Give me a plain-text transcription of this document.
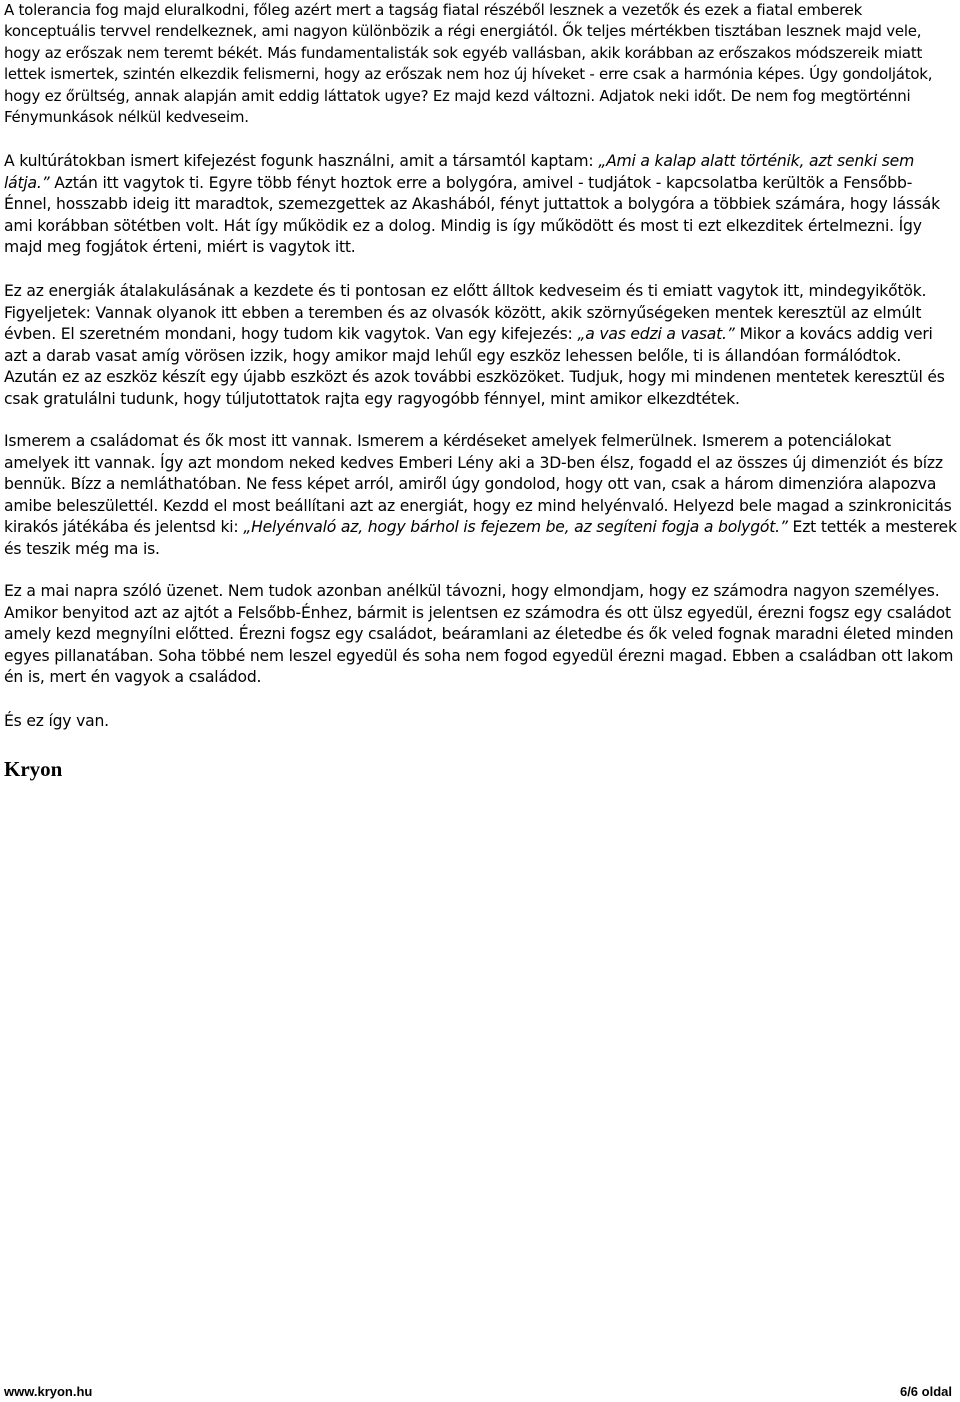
A tolerancia fog majd eluralkodni, főleg azért mert a tagság fiatal részéből lesznek a vezetők és ezek a fiatal emberek konceptuális tervvel rendelkeznek, ami nagyon különbözik a régi energiától. Ők teljes mértékben tisztában lesznek majd vele, hogy az erőszak nem teremt békét. Más fundamentalisták sok egyéb vallásban, akik korábban az erőszakos módszereik miatt lettek ismertek, szintén elkezdik felismerni, hogy az erőszak nem hoz új híveket - erre csak a harmónia képes. Úgy gondoljátok, hogy ez őrültség, annak alapján amit eddig láttatok ugye? Ez majd kezd változni. Adjatok neki időt. De nem fog megtörténni Fénymunkások nélkül kedveseim.

A kultúrátokban ismert kifejezést fogunk használni, amit a társamtól kaptam: „Ami a kalap alatt történik, azt senki sem látja.” Aztán itt vagytok ti. Egyre több fényt hoztok erre a bolygóra, amivel - tudjátok - kapcsolatba kerültök a Fensőbb-Énnel, hosszabb ideig itt maradtok, szemezgettek az Akashából, fényt juttattok a bolygóra a többiek számára, hogy lássák ami korábban sötétben volt. Hát így működik ez a dolog. Mindig is így működött és most ti ezt elkezditek értelmezni. Így majd meg fogjátok érteni, miért is vagytok itt.

Ez az energiák átalakulásának a kezdete és ti pontosan ez előtt álltok kedveseim és ti emiatt vagytok itt, mindegyikőtök. Figyeljetek: Vannak olyanok itt ebben a teremben és az olvasók között, akik szörnyűségeken mentek keresztül az elmúlt évben. El szeretném mondani, hogy tudom kik vagytok. Van egy kifejezés: „a vas edzi a vasat.” Mikor a kovács addig veri azt a darab vasat amíg vörösen izzik, hogy amikor majd lehűl egy eszköz lehessen belőle, ti is állandóan formálódtok. Azután ez az eszköz készít egy újabb eszközt és azok további eszközöket. Tudjuk, hogy mi mindenen mentetek keresztül és csak gratulálni tudunk, hogy túljutottatok rajta egy ragyogóbb fénnyel, mint amikor elkezdtétek.

Ismerem a családomat és ők most itt vannak. Ismerem a kérdéseket amelyek felmerülnek. Ismerem a potenciálokat amelyek itt vannak. Így azt mondom neked kedves Emberi Lény aki a 3D-ben élsz, fogadd el az összes új dimenziót és bízz bennük. Bízz a nemláthatóban. Ne fess képet arról, amiről úgy gondolod, hogy ott van, csak a három dimenzióra alapozva amibe beleszülettél. Kezdd el most beállítani azt az energiát, hogy ez mind helyénvaló. Helyezd bele magad a szinkronicitás kirakós játékába és jelentsd ki: „Helyénvaló az, hogy bárhol is fejezem be, az segíteni fogja a bolygót.” Ezt tették a mesterek és teszik még ma is.

Ez a mai napra szóló üzenet. Nem tudok azonban anélkül távozni, hogy elmondjam, hogy ez számodra nagyon személyes. Amikor benyitod azt az ajtót a Felsőbb-Énhez, bármit is jelentsen ez számodra és ott ülsz egyedül, érezni fogsz egy családot amely kezd megnyílni előtted. Érezni fogsz egy családot, beáramlani az életedbe és ők veled fognak maradni életed minden egyes pillanatában. Soha többé nem leszel egyedül és soha nem fogod egyedül érezni magad. Ebben a családban ott lakom én is, mert én vagyok a családod.

És ez így van.

Kryon

www.kryon.hu	6/6 oldal
